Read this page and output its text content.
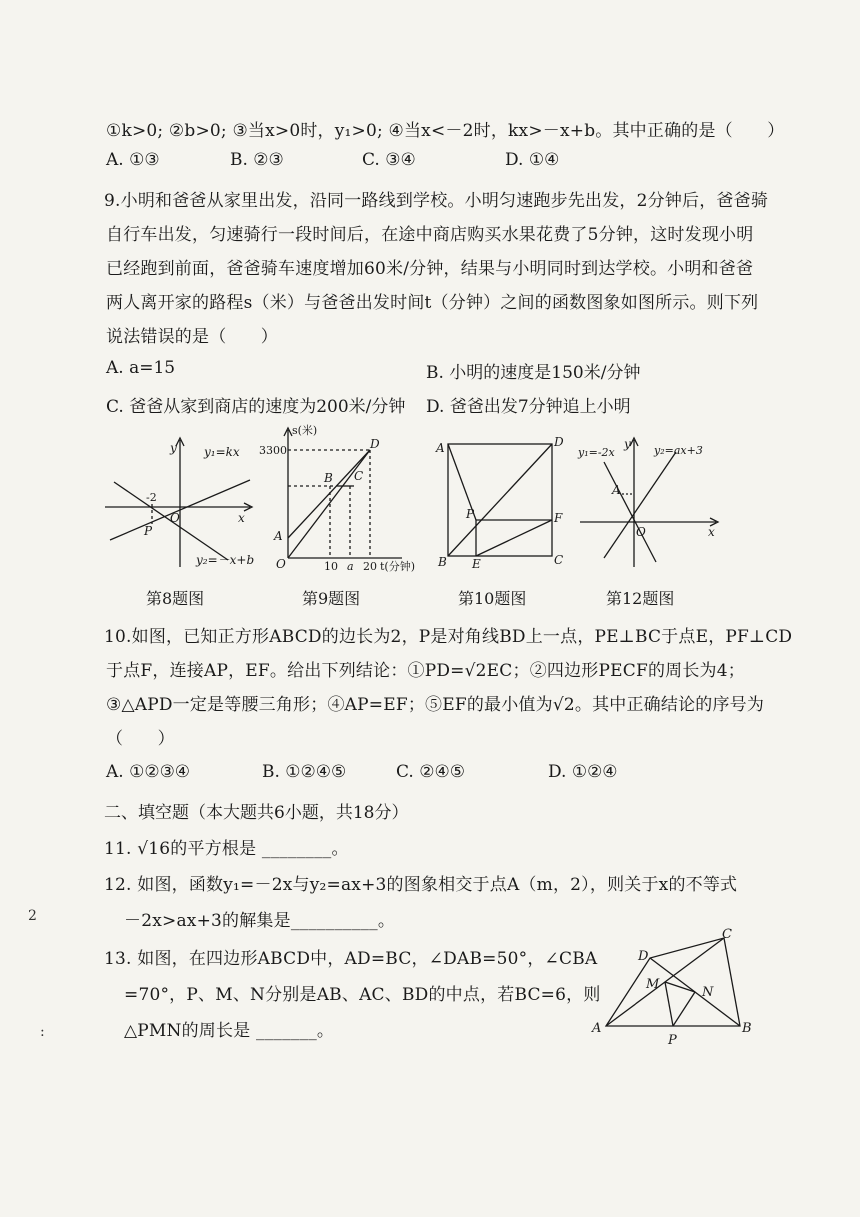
①k>0; ②b>0; ③当x>0时，y₁>0; ④当x<－2时，kx>－x+b。其中正确的是（　　）
A. ①③	B. ②③	C. ③④	D. ①④
9.小明和爸爸从家里出发，沿同一路线到学校。小明匀速跑步先出发，2分钟后，爸爸骑
自行车出发，匀速骑行一段时间后，在途中商店购买水果花费了5分钟，这时发现小明
已经跑到前面，爸爸骑车速度增加60米/分钟，结果与小明同时到达学校。小明和爸爸
两人离开家的路程s（米）与爸爸出发时间t（分钟）之间的函数图象如图所示。则下列
说法错误的是（　　）
A. a=15	B. 小明的速度是150米/分钟
C. 爸爸从家到商店的速度为200米/分钟 D. 爸爸出发7分钟追上小明
y
x
y₁=kx
y₂=－x+b
-2
P
O
s(米)
3300	D
B C
A
O	10 a 20 t(分钟)
A	D
P	F
B E	C
y
x
y₁=-2x	y₂=ax+3
A
O
第8题图	第9题图	第10题图	第12题图
10.如图，已知正方形ABCD的边长为2，P是对角线BD上一点，PE⊥BC于点E，PF⊥CD
于点F，连接AP，EF。给出下列结论：①PD=√2EC；②四边形PECF的周长为4；
③△APD一定是等腰三角形；④AP=EF；⑤EF的最小值为√2。其中正确结论的序号为
（　　）
A. ①②③④	B. ①②④⑤	C. ②④⑤	D. ①②④
二、填空题（本大题共6小题，共18分）
11. √16的平方根是 ________。
12. 如图，函数y₁=－2x与y₂=ax+3的图象相交于点A（m，2），则关于x的不等式
－2x>ax+3的解集是__________。
13. 如图，在四边形ABCD中，AD=BC，∠DAB=50°，∠CBA
=70°，P、M、N分别是AB、AC、BD的中点，若BC=6，则
△PMN的周长是 _______。
D
C
M
N
A	B
P
2
:
